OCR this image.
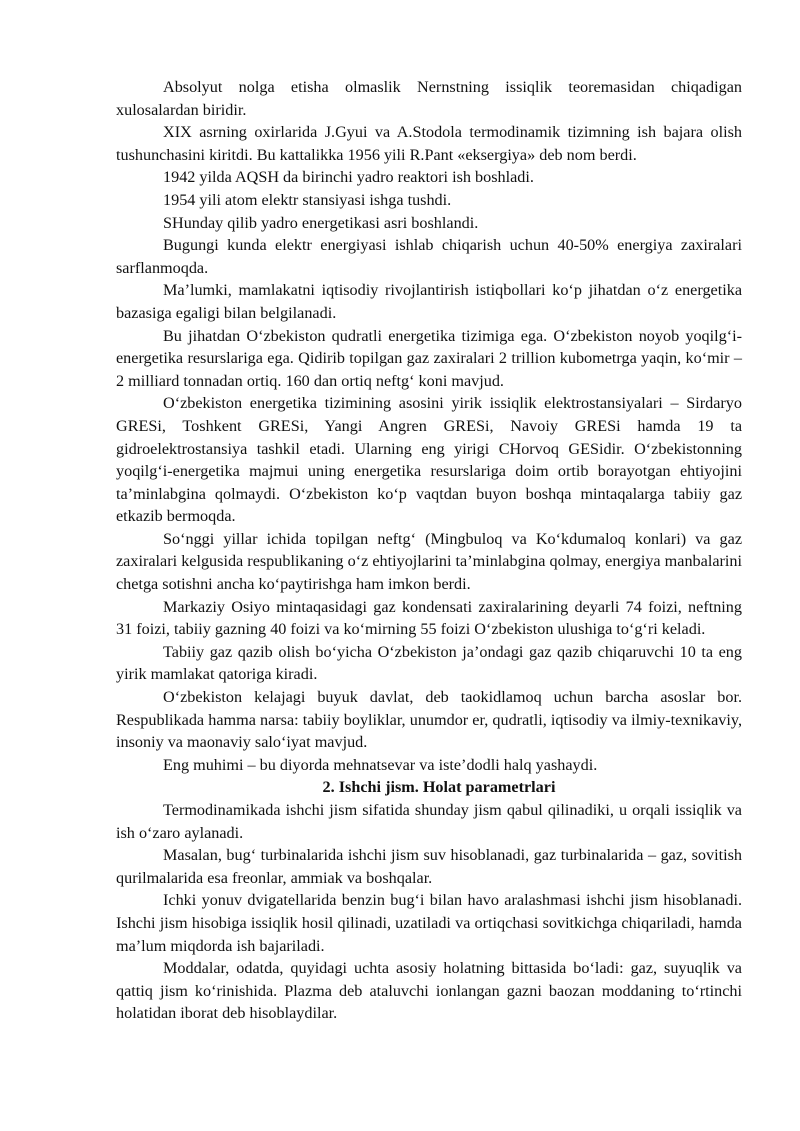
Absolyut nolga etisha olmaslik Nernstning issiqlik teoremasidan chiqadigan xulosalardan biridir.

XIX asrning oxirlarida J.Gyui va A.Stodola termodinamik tizimning ish bajara olish tushunchasini kiritdi. Bu kattalikka 1956 yili R.Pant «eksergiya» deb nom berdi.

1942 yilda AQSH da birinchi yadro reaktori ish boshladi.

1954 yili atom elektr stansiyasi ishga tushdi.

SHunday qilib yadro energetikasi asri boshlandi.

Bugungi kunda elektr energiyasi ishlab chiqarish uchun 40-50% energiya zaxiralari sarflanmoqda.

Ma’lumki, mamlakatni iqtisodiy rivojlantirish istiqbollari ko‘p jihatdan o‘z energetika bazasiga egaligi bilan belgilanadi.

Bu jihatdan O‘zbekiston qudratli energetika tizimiga ega. O‘zbekiston noyob yoqilg‘i-energetika resurslariga ega. Qidirib topilgan gaz zaxiralari 2 trillion kubometrga yaqin, ko‘mir – 2 milliard tonnadan ortiq. 160 dan ortiq neftg‘ koni mavjud.

O‘zbekiston energetika tizimining asosini yirik issiqlik elektrostansiyalari – Sirdaryo GRESi, Toshkent GRESi, Yangi Angren GRESi, Navoiy GRESi hamda 19 ta gidroelektrostansiya tashkil etadi. Ularning eng yirigi CHorvoq GESidir. O‘zbekistonning yoqilg‘i-energetika majmui uning energetika resurslariga doim ortib borayotgan ehtiyojini ta’minlabgina qolmaydi. O‘zbekiston ko‘p vaqtdan buyon boshqa mintaqalarga tabiiy gaz etkazib bermoqda.

So‘nggi yillar ichida topilgan neftg‘ (Mingbuloq va Ko‘kdumaloq konlari) va gaz zaxiralari kelgusida respublikaning o‘z ehtiyojlarini ta’minlabgina qolmay, energiya manbalarini chetga sotishni ancha ko‘paytirishga ham imkon berdi.

Markaziy Osiyo mintaqasidagi gaz kondensati zaxiralarining deyarli 74 foizi, neftning 31 foizi, tabiiy gazning 40 foizi va ko‘mirning 55 foizi O‘zbekiston ulushiga to‘g‘ri keladi.

Tabiiy gaz qazib olish bo‘yicha O‘zbekiston ja’ondagi gaz qazib chiqaruvchi 10 ta eng yirik mamlakat qatoriga kiradi.

O‘zbekiston kelajagi buyuk davlat, deb taokidlamoq uchun barcha asoslar bor. Respublikada hamma narsa: tabiiy boyliklar, unumdor er, qudratli, iqtisodiy va ilmiy-texnikaviy, insoniy va maonaviy salo‘iyat mavjud.

Eng muhimi – bu diyorda mehnatsevar va iste’dodli halq yashaydi.

2. Ishchi jism. Holat parametrlari

Termodinamikada ishchi jism sifatida shunday jism qabul qilinadiki, u orqali issiqlik va ish o‘zaro aylanadi.

Masalan, bug‘ turbinalarida ishchi jism suv hisoblanadi, gaz turbinalarida – gaz, sovitish qurilmalarida esa freonlar, ammiak va boshqalar.

Ichki yonuv dvigatellarida benzin bug‘i bilan havo aralashmasi ishchi jism hisoblanadi. Ishchi jism hisobiga issiqlik hosil qilinadi, uzatiladi va ortiqchasi sovitkichga chiqariladi, hamda ma’lum miqdorda ish bajariladi.

Moddalar, odatda, quyidagi uchta asosiy holatning bittasida bo‘ladi: gaz, suyuqlik va qattiq jism ko‘rinishida. Plazma deb ataluvchi ionlangan gazni baozan moddaning to‘rtinchi holatidan iborat deb hisoblaydilar.
